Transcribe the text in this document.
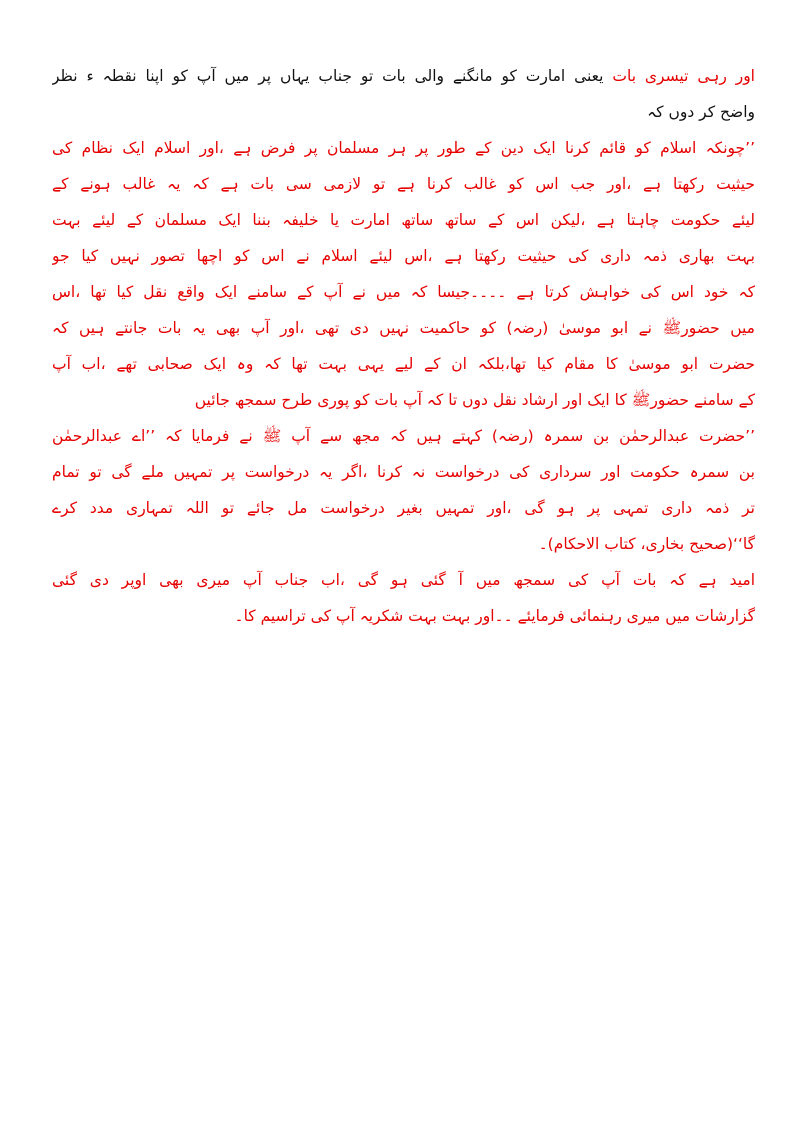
اور رہی تیسری بات یعنی امارت کو مانگنے والی بات تو جناب یہاں پر میں آپ کو اپنا نقطہ ء نظر
واضح کر دوں کہ
’’چونکہ اسلام کو قائم کرنا ایک دین کے طور پر ہر مسلمان پر فرض ہے ،اور اسلام ایک نظام کی
حیثیت رکھتا ہے ،اور جب اس کو غالب کرنا ہے تو لازمی سی بات ہے کہ یہ غالب ہونے کے
لیئے حکومت چاہتا ہے ،لیکن اس کے ساتھ ساتھ امارت یا خلیفہ بننا ایک مسلمان کے لیئے بہت
بہت بھاری ذمہ داری کی حیثیت رکھتا ہے ،اس لیئے اسلام نے اس کو اچھا تصور نہیں کیا جو
کہ خود اس کی خواہش کرتا ہے ۔۔۔۔جیسا کہ میں نے آپ کے سامنے ایک واقع نقل کیا تھا ،اس
میں حضورﷺ نے ابو موسیٰ (رضہ) کو حاکمیت نہیں دی تھی ،اور آپ بھی یہ بات جانتے ہیں کہ
حضرت ابو موسیٰ کا مقام کیا تھا،بلکہ ان کے لیے یہی بہت تھا کہ وہ ایک صحابی تھے ،اب آپ
کے سامنے حضورﷺ کا ایک اور ارشاد نقل دوں تا کہ آپ بات کو پوری طرح سمجھ جائیں
’’حضرت عبدالرحمٰن بن سمرہ (رضہ) کہتے ہیں کہ مجھ سے آپ ﷺ نے فرمایا کہ ’’اے عبدالرحمٰن
بن سمرہ حکومت اور سرداری کی درخواست نہ کرنا ،اگر یہ درخواست پر تمہیں ملے گی تو تمام
تر ذمہ داری تمہی پر ہو گی ،اور تمہیں بغیر درخواست مل جائے تو اللہ تمہاری مدد کرے
گا‘‘(صحیح بخاری، کتاب الاحکام)۔
امید ہے کہ بات آپ کی سمجھ میں آ گئی ہو گی ،اب جناب آپ میری بھی اوپر دی گئی
گزارشات میں میری رہنمائی فرمایئے ۔۔اور بہت بہت شکریہ آپ کی تراسیم کا۔
